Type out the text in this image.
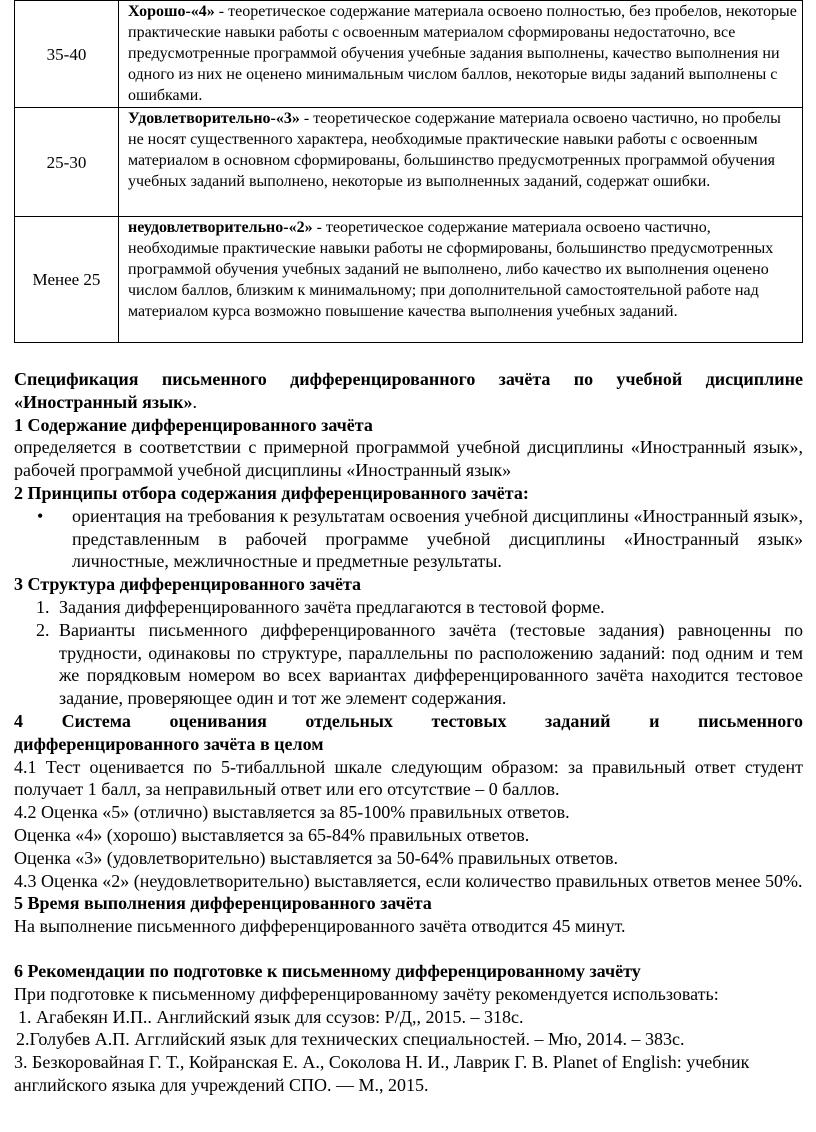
35-40	Хорошо-«4» - теоретическое содержание материала освоено полностью, без пробелов, некоторые практические навыки работы с освоенным материалом сформированы недостаточно, все предусмотренные программой обучения учебные задания выполнены, качество выполнения ни одного из них не оценено минимальным числом баллов, некоторые виды заданий выполнены с ошибками.
25-30	Удовлетворительно-«3» - теоретическое содержание материала освоено частично, но пробелы не носят существенного характера, необходимые практические навыки работы с освоенным материалом в основном сформированы, большинство предусмотренных программой обучения учебных заданий выполнено, некоторые из выполненных заданий, содержат ошибки.
Менее 25	неудовлетворительно-«2» - теоретическое содержание материала освоено частично, необходимые практические навыки работы не сформированы, большинство предусмотренных программой обучения учебных заданий не выполнено, либо качество их выполнения оценено числом баллов, близким к минимальному; при дополнительной самостоятельной работе над материалом курса возможно повышение качества выполнения учебных заданий.

Спецификация письменного дифференцированного зачёта по учебной дисциплине «Иностранный язык».

1 Содержание дифференцированного зачёта

определяется в соответствии с примерной программой учебной дисциплины «Иностранный язык», рабочей программой учебной дисциплины «Иностранный язык»

2 Принципы отбора содержания дифференцированного зачёта:

• ориентация на требования к результатам освоения учебной дисциплины «Иностранный язык», представленным в рабочей программе учебной дисциплины «Иностранный язык» личностные, межличностные и предметные результаты.

3 Структура дифференцированного зачёта

1. Задания дифференцированного зачёта предлагаются в тестовой форме.
2. Варианты письменного дифференцированного зачёта (тестовые задания) равноценны по трудности, одинаковы по структуре, параллельны по расположению заданий: под одним и тем же порядковым номером во всех вариантах дифференцированного зачёта находится тестовое задание, проверяющее один и тот же элемент содержания.

4 Система оценивания отдельных тестовых заданий и письменного

дифференцированного зачёта в целом

4.1 Тест оценивается по 5-тибалльной шкале следующим образом: за правильный ответ студент получает 1 балл, за неправильный ответ или его отсутствие – 0 баллов.

4.2 Оценка «5» (отлично) выставляется за 85-100% правильных ответов.

Оценка «4» (хорошо) выставляется за 65-84% правильных ответов.

Оценка «3» (удовлетворительно) выставляется за 50-64% правильных ответов.

4.3 Оценка «2» (неудовлетворительно) выставляется, если количество правильных ответов менее 50%.

5 Время выполнения дифференцированного зачёта

На выполнение письменного дифференцированного зачёта отводится 45 минут.

6 Рекомендации по подготовке к письменному дифференцированному зачёту

При подготовке к письменному дифференцированному зачёту рекомендуется использовать:

1. Агабекян И.П.. Английский язык для ссузов: Р/Д,, 2015. – 318с.

2.Голубев А.П. Агглийский язык для технических специальностей. – Мю, 2014. – 383с.

3. Безкоровайная Г. Т., Койранская Е. А., Соколова Н. И., Лаврик Г. В. Planet of English: учебник английского языка для учреждений СПО. — М., 2015.
